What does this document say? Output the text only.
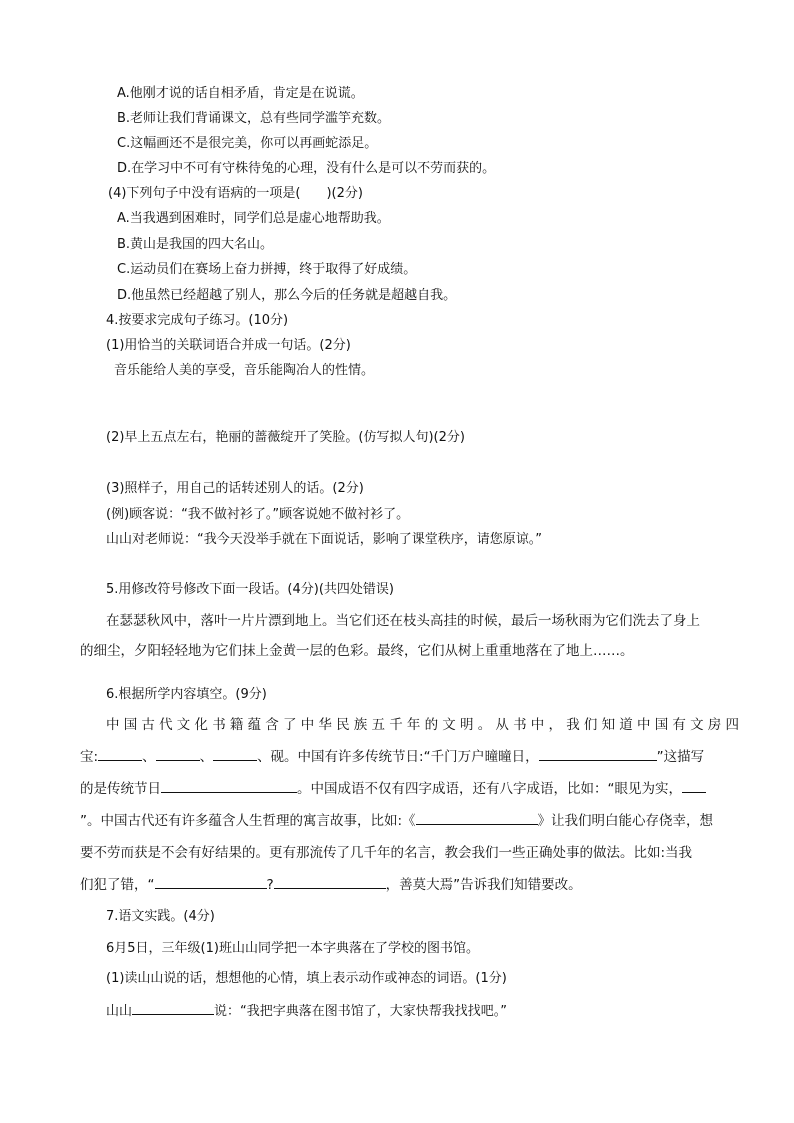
A.他刚才说的话自相矛盾，肯定是在说谎。
B.老师让我们背诵课文，总有些同学滥竽充数。
C.这幅画还不是很完美，你可以再画蛇添足。
D.在学习中不可有守株待兔的心理，没有什么是可以不劳而获的。
(4)下列句子中没有语病的一项是(　　)(2分)
A.当我遇到困难时，同学们总是虚心地帮助我。
B.黄山是我国的四大名山。
C.运动员们在赛场上奋力拼搏，终于取得了好成绩。
D.他虽然已经超越了别人，那么今后的任务就是超越自我。
4.按要求完成句子练习。(10分)
(1)用恰当的关联词语合并成一句话。(2分)
音乐能给人美的享受，音乐能陶冶人的性情。
(2)早上五点左右，艳丽的蔷薇绽开了笑脸。(仿写拟人句)(2分)
(3)照样子，用自己的话转述别人的话。(2分)
(例)顾客说：“我不做衬衫了。”顾客说她不做衬衫了。
山山对老师说：“我今天没举手就在下面说话，影响了课堂秩序，请您原谅。”
5.用修改符号修改下面一段话。(4分)(共四处错误)
在瑟瑟秋风中，落叶一片片漂到地上。当它们还在枝头高挂的时候，最后一场秋雨为它们洗去了身上
的细尘，夕阳轻轻地为它们抹上金黄一层的色彩。最终，它们从树上重重地落在了地上……。
6.根据所学内容填空。(9分)
中国古代文化书籍蕴含了中华民族五千年的文明。从书中，我们知道中国有文房四
宝:	、	、	、砚。中国有许多传统节日:“千门万户曈曈日，	”这描写
的是传统节日	。中国成语不仅有四字成语，还有八字成语，比如：“眼见为实，
”。中国古代还有许多蕴含人生哲理的寓言故事，比如:《	》让我们明白能心存侥幸，想
要不劳而获是不会有好结果的。更有那流传了几千年的名言，教会我们一些正确处事的做法。比如:当我
们犯了错，“	?	，善莫大焉”告诉我们知错要改。
7.语文实践。(4分)
6月5日，三年级(1)班山山同学把一本字典落在了学校的图书馆。
(1)读山山说的话，想想他的心情，填上表示动作或神态的词语。(1分)
山山	说：“我把字典落在图书馆了，大家快帮我找找吧。”
